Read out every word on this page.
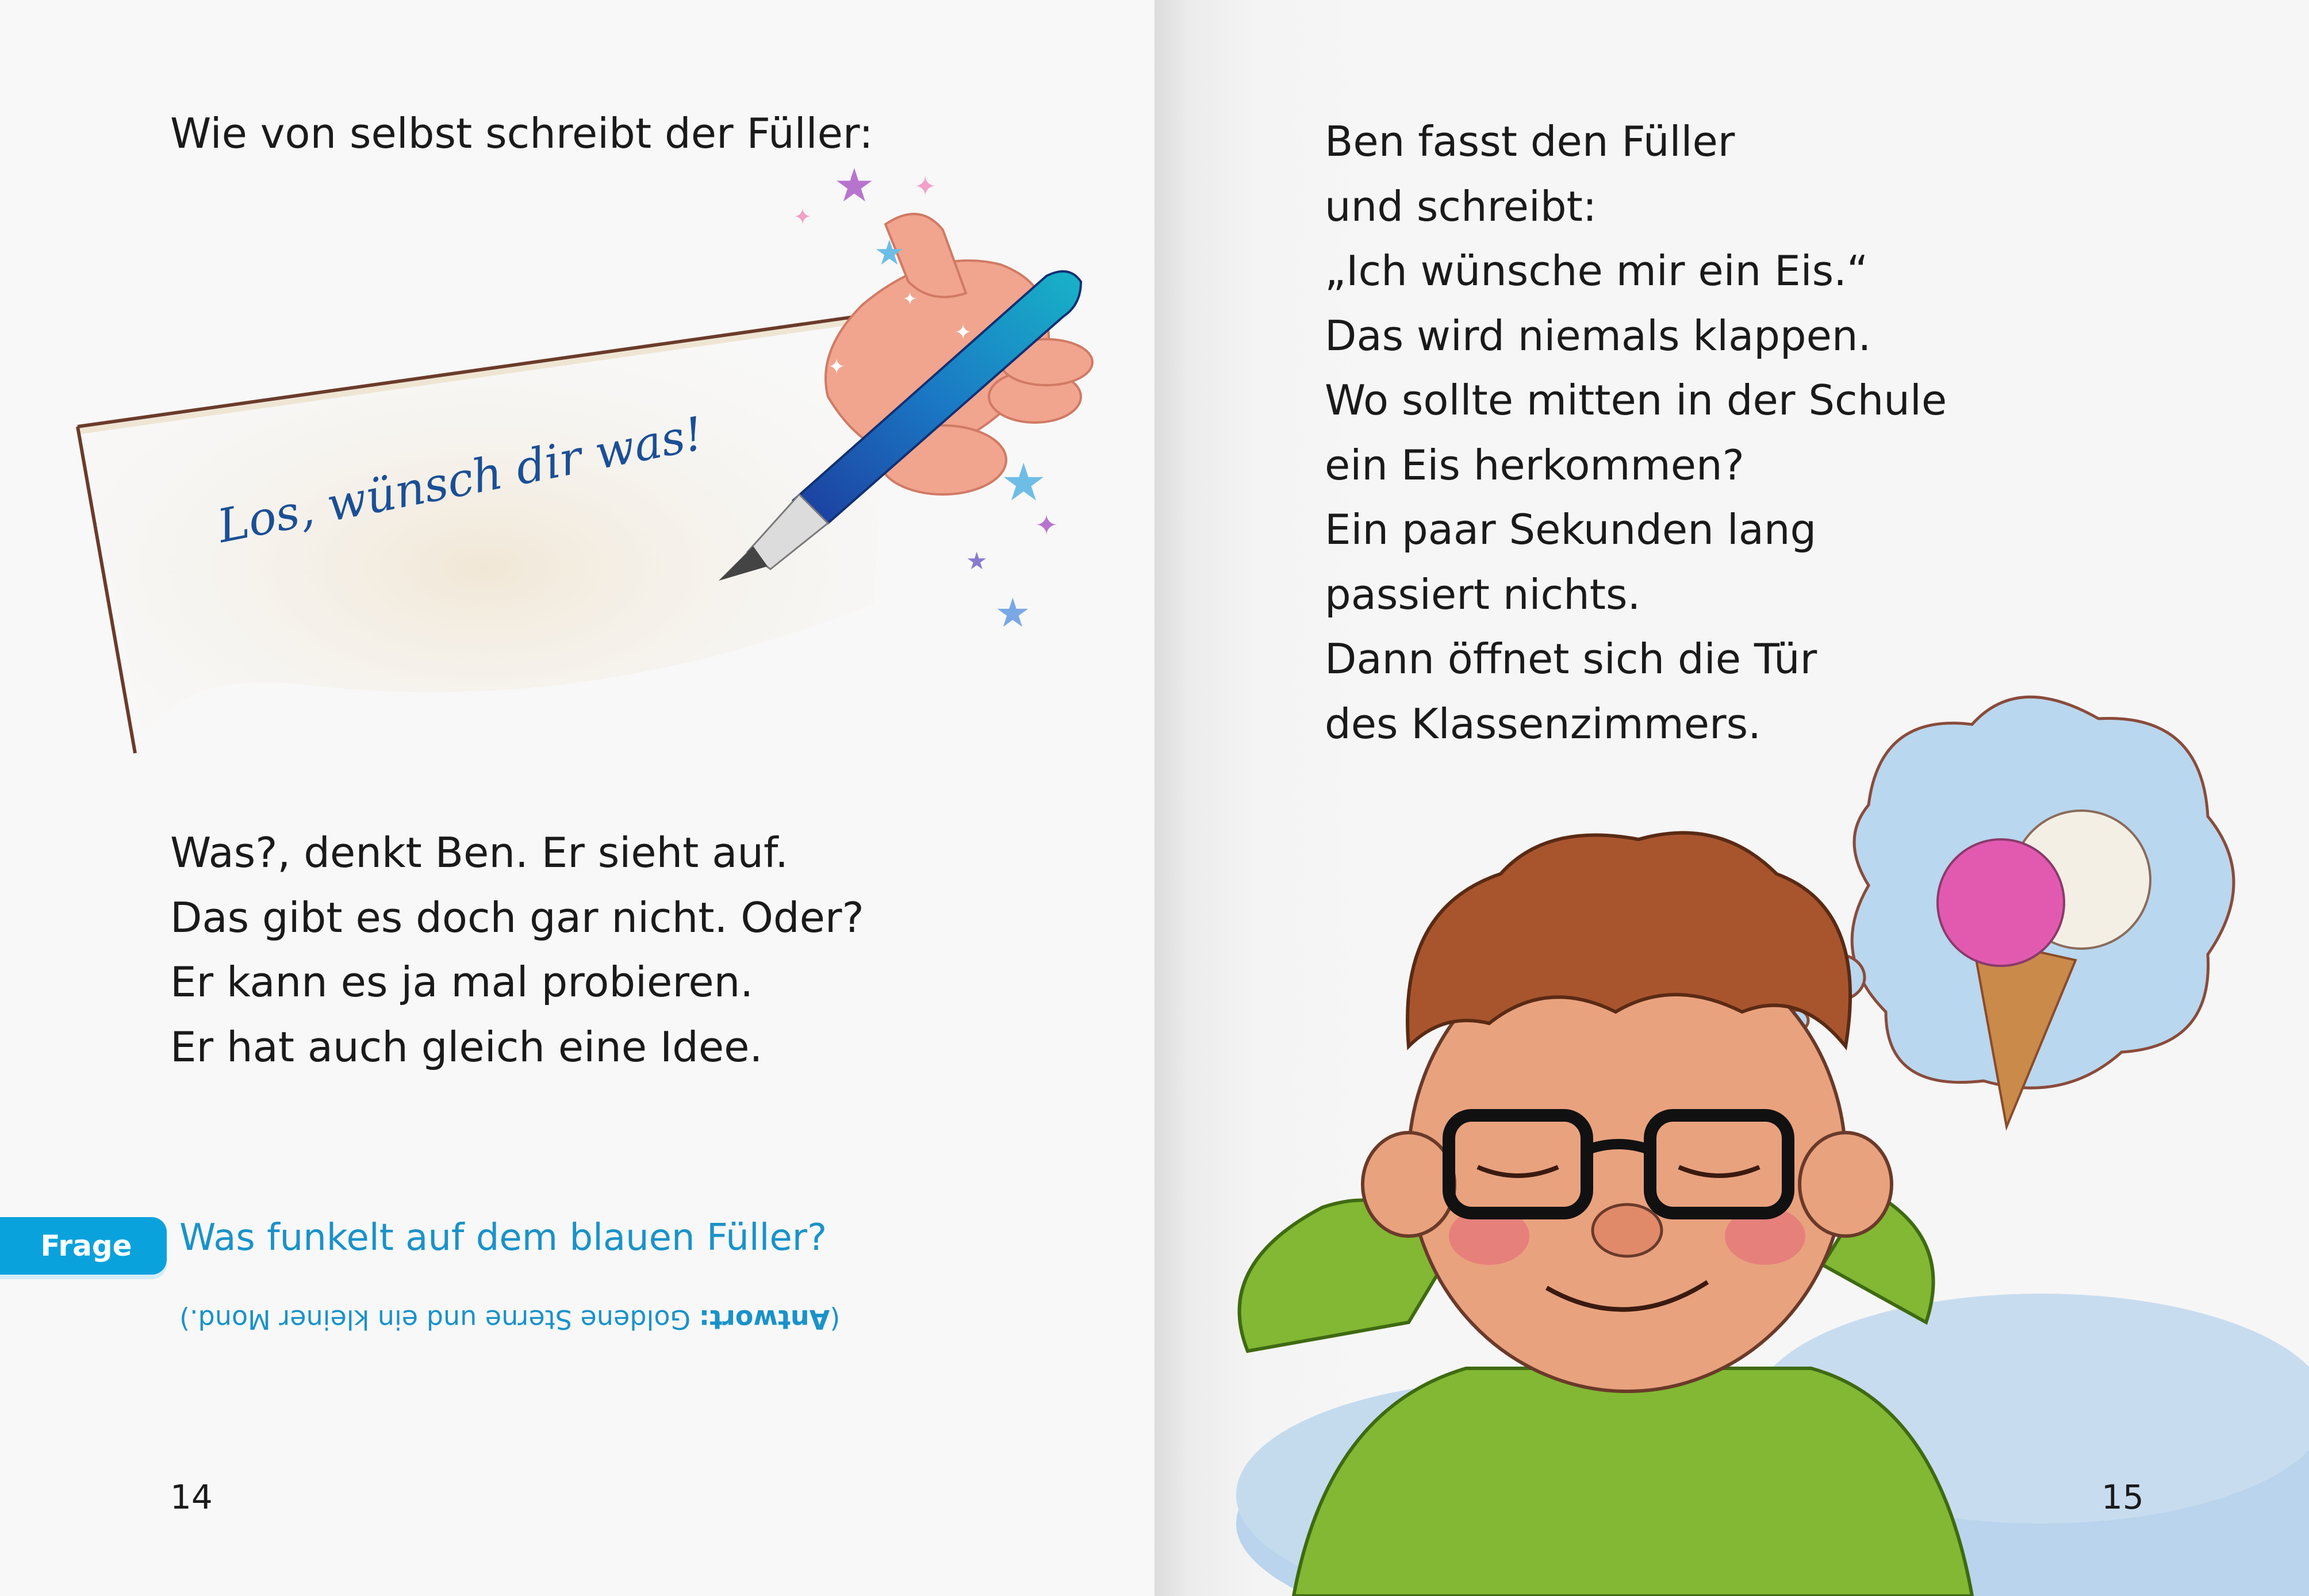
Wie von selbst schreibt der Füller:
★
✦
✦
★
★
✦
★
★
✦
✦
✦
Los, wünsch dir was!
Was?, denkt Ben. Er sieht auf.
Das gibt es doch gar nicht. Oder?
Er kann es ja mal probieren.
Er hat auch gleich eine Idee.
Frage	Was funkelt auf dem blauen Füller?
(Antwort: Goldene Sterne und ein kleiner Mond.)
14
Ben fasst den Füller
und schreibt:
„Ich wünsche mir ein Eis.“
Das wird niemals klappen.
Wo sollte mitten in der Schule
ein Eis herkommen?
Ein paar Sekunden lang
passiert nichts.
Dann öffnet sich die Tür
des Klassenzimmers.
15
